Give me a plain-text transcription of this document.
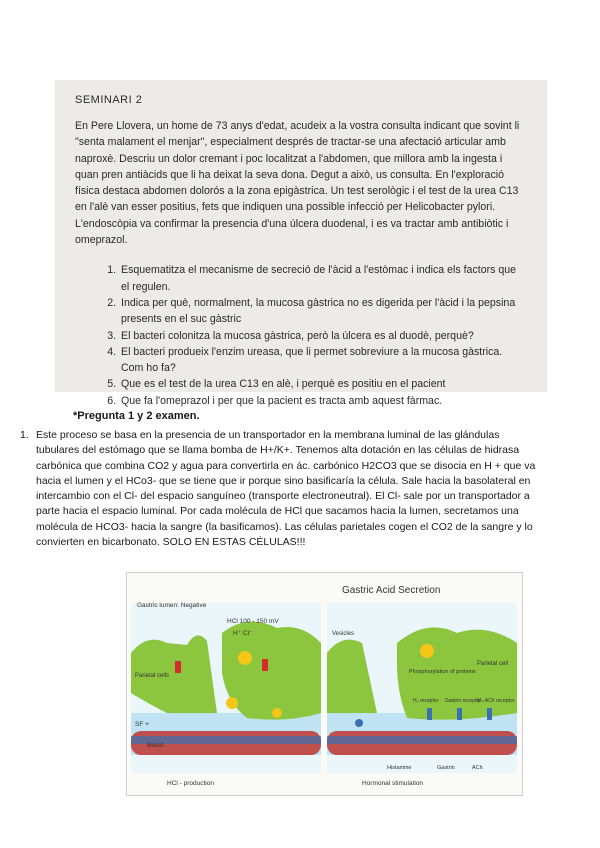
SEMINARI 2

En Pere Llovera, un home de 73 anys d'edat, acudeix a la vostra consulta indicant que sovint li "senta malament el menjar", especialment després de tractar-se una afectació articular amb naproxè. Descriu un dolor cremant i poc localitzat a l'abdomen, que millora amb la ingesta i quan pren antiàcids que li ha deixat la seva dona. Degut a això, us consulta. En l'exploració física destaca abdomen dolorós a la zona epigàstrica. Un test serològic i el test de la urea C13 en l'alè van esser positius, fets que indiquen una possible infecció per Helicobacter pylori. L'endoscòpia va confirmar la presencia d'una úlcera duodenal, i es va tractar amb antibiòtic i omeprazol.

1. Esquematitza el mecanisme de secreció de l'àcid a l'estòmac i indica els factors que el regulen.
2. Indica per què, normalment, la mucosa gàstrica no es digerida per l'àcid i la pepsina presents en el suc gàstric
3. El bacteri colonitza la mucosa gàstrica, però la úlcera es al duodè, perquè?
4. El bacteri produeix l'enzim ureasa, que li permet sobreviure a la mucosa gàstrica. Com ho fa?
5. Que es el test de la urea C13 en alè, i perquè es positiu en el pacient
6. Que fa l'omeprazol i per que la pacient es tracta amb aquest fàrmac.
*Pregunta 1 y 2 examen.
1. Este proceso se basa en la presencia de un transportador en la membrana luminal de las glándulas tubulares del estómago que se llama bomba de H+/K+. Tenemos alta dotación en las células de hidrasa carbónica que combina CO2 y agua para convertirla en ác. carbónico H2CO3 que se disocia en H + que va hacia el lumen y el HCo3- que se tiene que ir porque sino basificaría la célula. Sale hacia la basolateral en intercambio con el Cl- del espacio sanguíneo (transporte electroneutral). El Cl- sale por un transportador a parte hacia el espacio luminal. Por cada molécula de HCl que sacamos hacia la lumen, secretamos una molécula de HCO3- hacia la sangre (la basificamos). Las células parietales cogen el CO2 de la sangre y lo convierten en bicarbonato. SOLO EN ESTAS CÉLULAS!!!
Gastric Acid Secretion
Gastric lumen: Negative
HCl 100 - 150 mV
H⁺ Cl⁻
Parietal cells
SF +
Blood
HCl - production	Hormonal stimulation
Vesicles
Parietal cell
Phosphorylation of proteins
H₂ receptor Gastrin receptor
M₃-ACh receptor
Histamine	Gastrin	ACh
